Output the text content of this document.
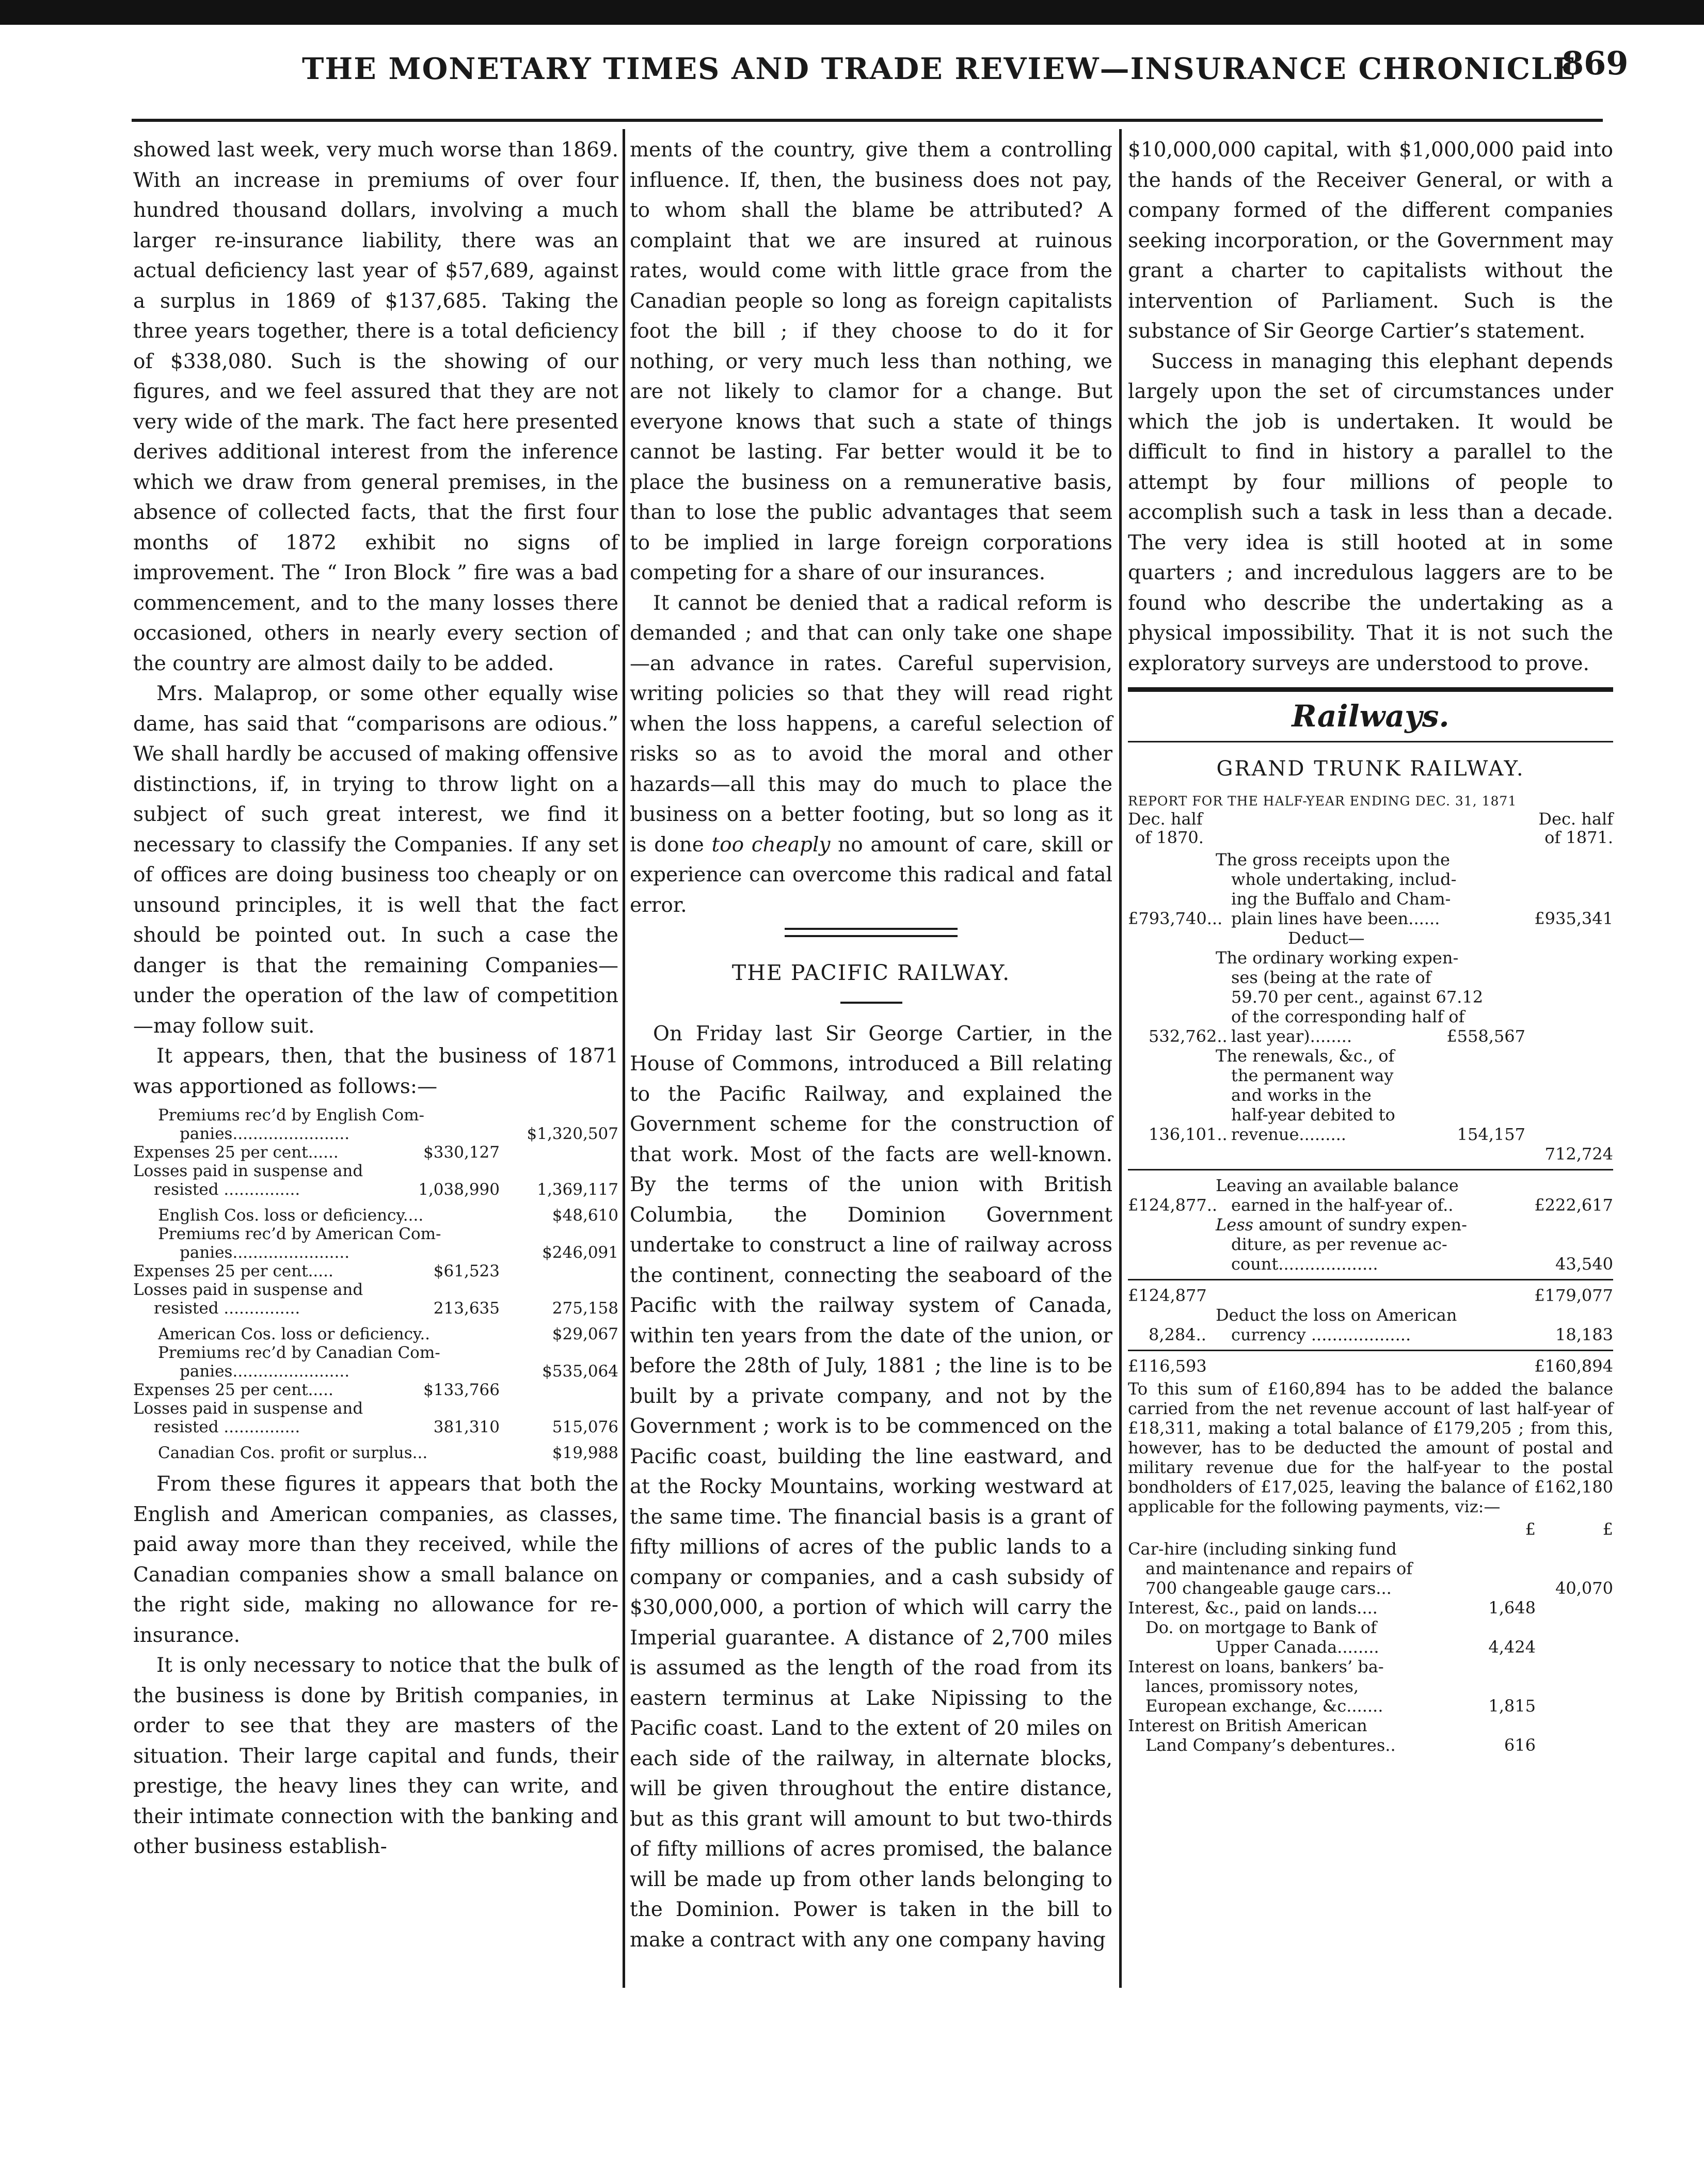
THE MONETARY TIMES AND TRADE REVIEW—INSURANCE CHRONICLE
869

showed last week, very much worse than 1869. With an increase in premiums of over four hundred thousand dollars, involving a much larger re-insurance liability, there was an actual deficiency last year of $57,689, against a surplus in 1869 of $137,685. Taking the three years together, there is a total deficiency of $338,080. Such is the showing of our figures, and we feel assured that they are not very wide of the mark. The fact here presented derives additional interest from the inference which we draw from general premises, in the absence of collected facts, that the first four months of 1872 exhibit no signs of improvement. The “ Iron Block ” fire was a bad commencement, and to the many losses there occasioned, others in nearly every section of the country are almost daily to be added.

Mrs. Malaprop, or some other equally wise dame, has said that “comparisons are odious.” We shall hardly be accused of making offensive distinctions, if, in trying to throw light on a subject of such great interest, we find it necessary to classify the Companies. If any set of offices are doing business too cheaply or on unsound principles, it is well that the fact should be pointed out. In such a case the danger is that the remaining Companies—under the operation of the law of competition—may follow suit.

It appears, then, that the business of 1871 was apportioned as follows:—

Premiums rec’d by English Com-
panies.......................	$1,320,507
Expenses 25 per cent......	$330,127
Losses paid in suspense and
resisted ...............	1,038,990	1,369,117
English Cos. loss or deficiency....	$48,610
Premiums rec’d by American Com-
panies.......................	$246,091
Expenses 25 per cent.....	$61,523
Losses paid in suspense and
resisted ...............	213,635	275,158
American Cos. loss or deficiency..	$29,067
Premiums rec’d by Canadian Com-
panies.......................	$535,064
Expenses 25 per cent.....	$133,766
Losses paid in suspense and
resisted ...............	381,310	515,076
Canadian Cos. profit or surplus...	$19,988

From these figures it appears that both the English and American companies, as classes, paid away more than they received, while the Canadian companies show a small balance on the right side, making no allowance for re-insurance.

It is only necessary to notice that the bulk of the business is done by British companies, in order to see that they are masters of the situation. Their large capital and funds, their prestige, the heavy lines they can write, and their intimate connection with the banking and other business establish-

ments of the country, give them a controlling influence. If, then, the business does not pay, to whom shall the blame be attributed? A complaint that we are insured at ruinous rates, would come with little grace from the Canadian people so long as foreign capitalists foot the bill ; if they choose to do it for nothing, or very much less than nothing, we are not likely to clamor for a change. But everyone knows that such a state of things cannot be lasting. Far better would it be to place the business on a remunerative basis, than to lose the public advantages that seem to be implied in large foreign corporations competing for a share of our insurances.

It cannot be denied that a radical reform is demanded ; and that can only take one shape—an advance in rates. Careful supervision, writing policies so that they will read right when the loss happens, a careful selection of risks so as to avoid the moral and other hazards—all this may do much to place the business on a better footing, but so long as it is done too cheaply no amount of care, skill or experience can overcome this radical and fatal error.

THE PACIFIC RAILWAY.

On Friday last Sir George Cartier, in the House of Commons, introduced a Bill relating to the Pacific Railway, and explained the Government scheme for the construction of that work. Most of the facts are well-known. By the terms of the union with British Columbia, the Dominion Government undertake to construct a line of railway across the continent, connecting the seaboard of the Pacific with the railway system of Canada, within ten years from the date of the union, or before the 28th of July, 1881 ; the line is to be built by a private company, and not by the Government ; work is to be commenced on the Pacific coast, building the line eastward, and at the Rocky Mountains, working westward at the same time. The financial basis is a grant of fifty millions of acres of the public lands to a company or companies, and a cash subsidy of $30,000,000, a portion of which will carry the Imperial guarantee. A distance of 2,700 miles is assumed as the length of the road from its eastern terminus at Lake Nipissing to the Pacific coast. Land to the extent of 20 miles on each side of the railway, in alternate blocks, will be given throughout the entire distance, but as this grant will amount to but two-thirds of fifty millions of acres promised, the balance will be made up from other lands belonging to the Dominion. Power is taken in the bill to make a contract with any one company having

$10,000,000 capital, with $1,000,000 paid into the hands of the Receiver General, or with a company formed of the different companies seeking incorporation, or the Government may grant a charter to capitalists without the intervention of Parliament. Such is the substance of Sir George Cartier’s statement.

Success in managing this elephant depends largely upon the set of circumstances under which the job is undertaken. It would be difficult to find in history a parallel to the attempt by four millions of people to accomplish such a task in less than a decade. The very idea is still hooted at in some quarters ; and incredulous laggers are to be found who describe the undertaking as a physical impossibility. That it is not such the exploratory surveys are understood to prove.

Railways.
GRAND TRUNK RAILWAY.
REPORT FOR THE HALF-YEAR ENDING DEC. 31, 1871
Dec. half
of 1870.
Dec. half
of 1871.
The gross receipts upon the
whole undertaking, includ-
ing the Buffalo and Cham-
£793,740... plain lines have been......	£935,341
Deduct—
The ordinary working expen-
ses (being at the rate of
59.70 per cent., against 67.12
of the corresponding half of
532,762.. last year)........	£558,567
The renewals, &c., of
the permanent way
and works in the
half-year debited to
136,101.. revenue.........	154,157
712,724
Leaving an available balance
£124,877.. earned in the half-year of..	£222,617
Less amount of sundry expen-
diture, as per revenue ac-
count...................	43,540
£124,877	£179,077
Deduct the loss on American
8,284..	currency ...................	18,183
£116,593	£160,894

To this sum of £160,894 has to be added the balance carried from the net revenue account of last half-year of £18,311, making a total balance of £179,205 ; from this, however, has to be deducted the amount of postal and military revenue due for the half-year to the postal bondholders of £17,025, leaving the balance of £162,180 applicable for the following payments, viz:—

£	£
Car-hire (including sinking fund
and maintenance and repairs of
700 changeable gauge cars...	40,070
Interest, &c., paid on lands....	1,648
Do. on mortgage to Bank of
Upper Canada........	4,424
Interest on loans, bankers’ ba-
lances, promissory notes,
European exchange, &c.......	1,815
Interest on British American
Land Company’s debentures..	616
